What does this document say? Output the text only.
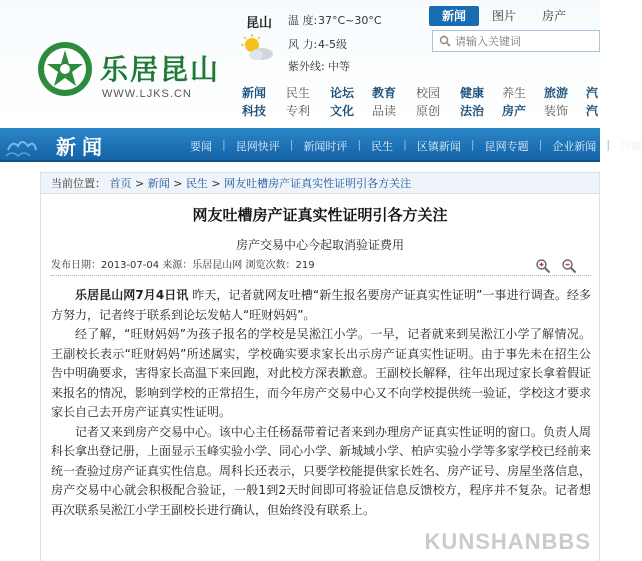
乐居昆山
WWW.LJKS.CN
昆山 温 度:37°C~30°C
风 力:4-5级
紫外线: 中等
新闻	图片	房产
请输入关键词
新闻
科技
民生
专利
论坛
文化
教育
品读
校园
原创
健康
法治
养生
房产
旅游
装饰
汽
汽
新闻	要闻 | 昆网快评 | 新闻时评 | 民生 | 区镇新闻 | 昆网专题 | 企业新闻 | 外媒
当前位置： 首页 > 新闻 > 民生 > 网友吐槽房产证真实性证明引各方关注
网友吐槽房产证真实性证明引各方关注
房产交易中心今起取消验证费用
发布日期：2013-07-04 来源：乐居昆山网 浏览次数：219

乐居昆山网7月4日讯 昨天，记者就网友吐槽“新生报名要房产证真实性证明”一事进行调查。经多方努力，记者终于联系到论坛发帖人“旺财妈妈”。

经了解，“旺财妈妈”为孩子报名的学校是吴淞江小学。一早，记者就来到吴淞江小学了解情况。王副校长表示“旺财妈妈”所述属实，学校确实要求家长出示房产证真实性证明。由于事先未在招生公告中明确要求，害得家长高温下来回跑，对此校方深表歉意。王副校长解释，往年出现过家长拿着假证来报名的情况，影响到学校的正常招生，而今年房产交易中心又不向学校提供统一验证，学校这才要求家长自己去开房产证真实性证明。

记者又来到房产交易中心。该中心主任杨磊带着记者来到办理房产证真实性证明的窗口。负责人周科长拿出登记册，上面显示玉峰实验小学、同心小学、新城域小学、柏庐实验小学等多家学校已经前来统一查验过房产证真实性信息。周科长还表示，只要学校能提供家长姓名、房产证号、房屋坐落信息，房产交易中心就会积极配合验证，一般1到2天时间即可将验证信息反馈校方，程序并不复杂。记者想再次联系吴淞江小学王副校长进行确认，但始终没有联系上。

KUNSHANBBS
